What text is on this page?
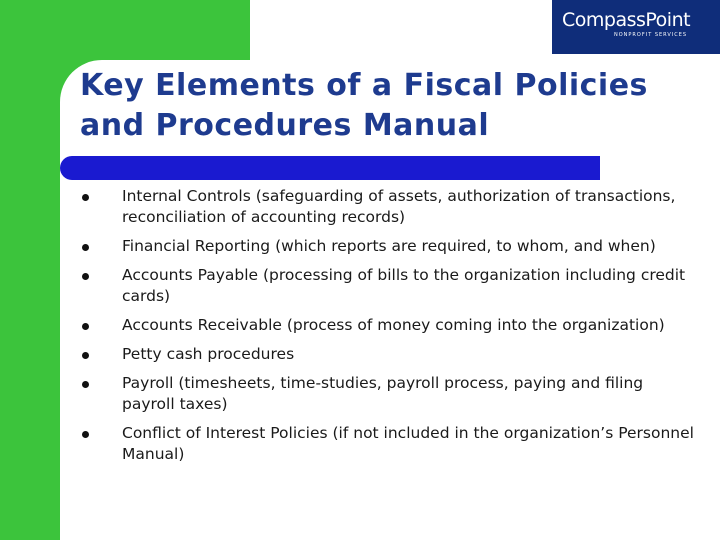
CompassPoint
NONPROFIT SERVICES
Key Elements of a Fiscal Policies
and Procedures Manual
Internal Controls (safeguarding of assets, authorization of transactions, reconciliation of accounting records)
Financial Reporting (which reports are required, to whom, and when)
Accounts Payable (processing of bills to the organization including credit cards)
Accounts Receivable (process of money coming into the organization)
Petty cash procedures
Payroll (timesheets, time-studies, payroll process, paying and filing payroll taxes)
Conflict of Interest Policies (if not included in the organization’s Personnel Manual)
